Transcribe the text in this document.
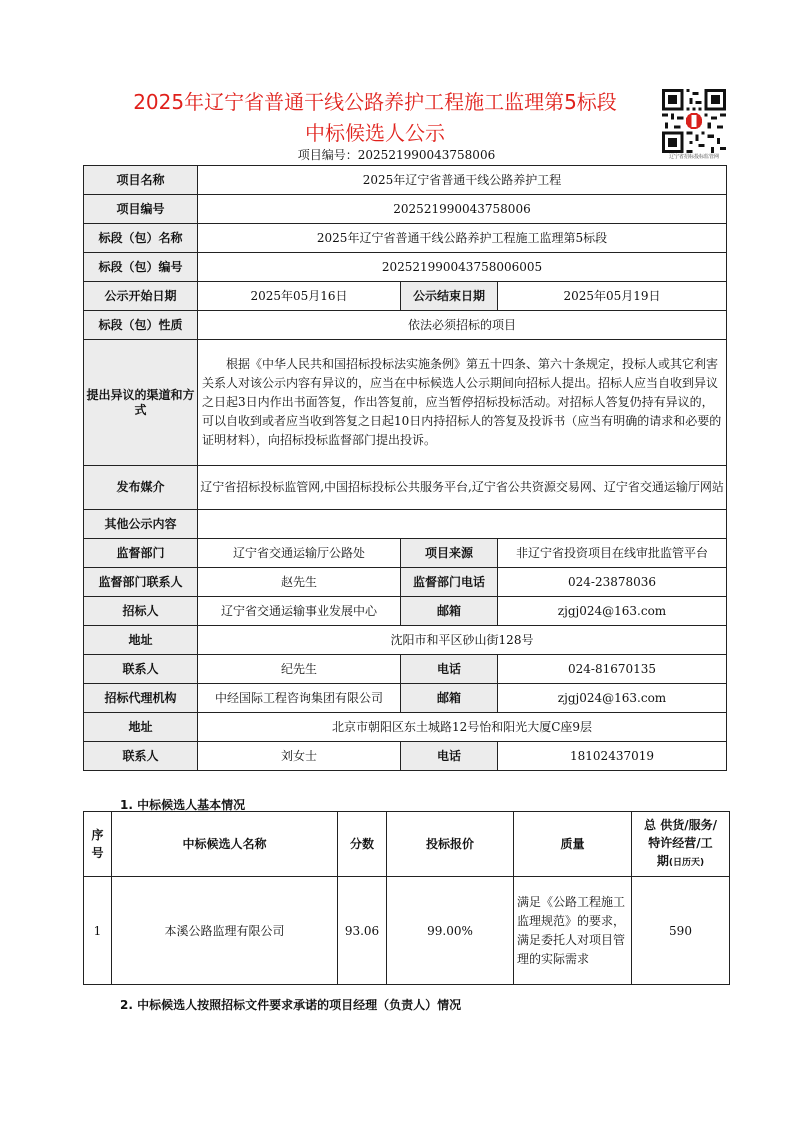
2025年辽宁省普通干线公路养护工程施工监理第5标段
中标候选人公示
项目编号：202521990043758006	辽宁省招标投标监管网
项目名称	2025年辽宁省普通干线公路养护工程		
项目编号	202521990043758006		
标段（包）名称	2025年辽宁省普通干线公路养护工程施工监理第5标段		
标段（包）编号	202521990043758006005		
公示开始日期	2025年05月16日	公示结束日期	2025年05月19日
标段（包）性质	依法必须招标的项目		
提出异议的渠道和方式	根据《中华人民共和国招标投标法实施条例》第五十四条、第六十条规定，投标人或其它利害关系人对该公示内容有异议的，应当在中标候选人公示期间向招标人提出。招标人应当自收到异议之日起3日内作出书面答复，作出答复前，应当暂停招标投标活动。对招标人答复仍持有异议的，可以自收到或者应当收到答复之日起10日内持招标人的答复及投诉书（应当有明确的请求和必要的证明材料），向招标投标监督部门提出投诉。		
发布媒介	辽宁省招标投标监管网,中国招标投标公共服务平台,辽宁省公共资源交易网、辽宁省交通运输厅网站		
其他公示内容			
监督部门	辽宁省交通运输厅公路处	项目来源	非辽宁省投资项目在线审批监管平台
监督部门联系人	赵先生	监督部门电话	024-23878036
招标人	辽宁省交通运输事业发展中心	邮箱	zjgj024@163.com
地址	沈阳市和平区砂山街128号		
联系人	纪先生	电话	024-81670135
招标代理机构	中经国际工程咨询集团有限公司	邮箱	zjgj024@163.com
地址	北京市朝阳区东土城路12号怡和阳光大厦C座9层		
联系人	刘女士	电话	18102437019
1. 中标候选人基本情况
序号	中标候选人名称	分数	投标报价	质量	总 供货/服务/
特许经营/工
期(日历天)

1	本溪公路监理有限公司	93.06	99.00%	满足《公路工程施工监理规范》的要求，满足委托人对项目管理的实际需求	590
2. 中标候选人按照招标文件要求承诺的项目经理（负责人）情况
